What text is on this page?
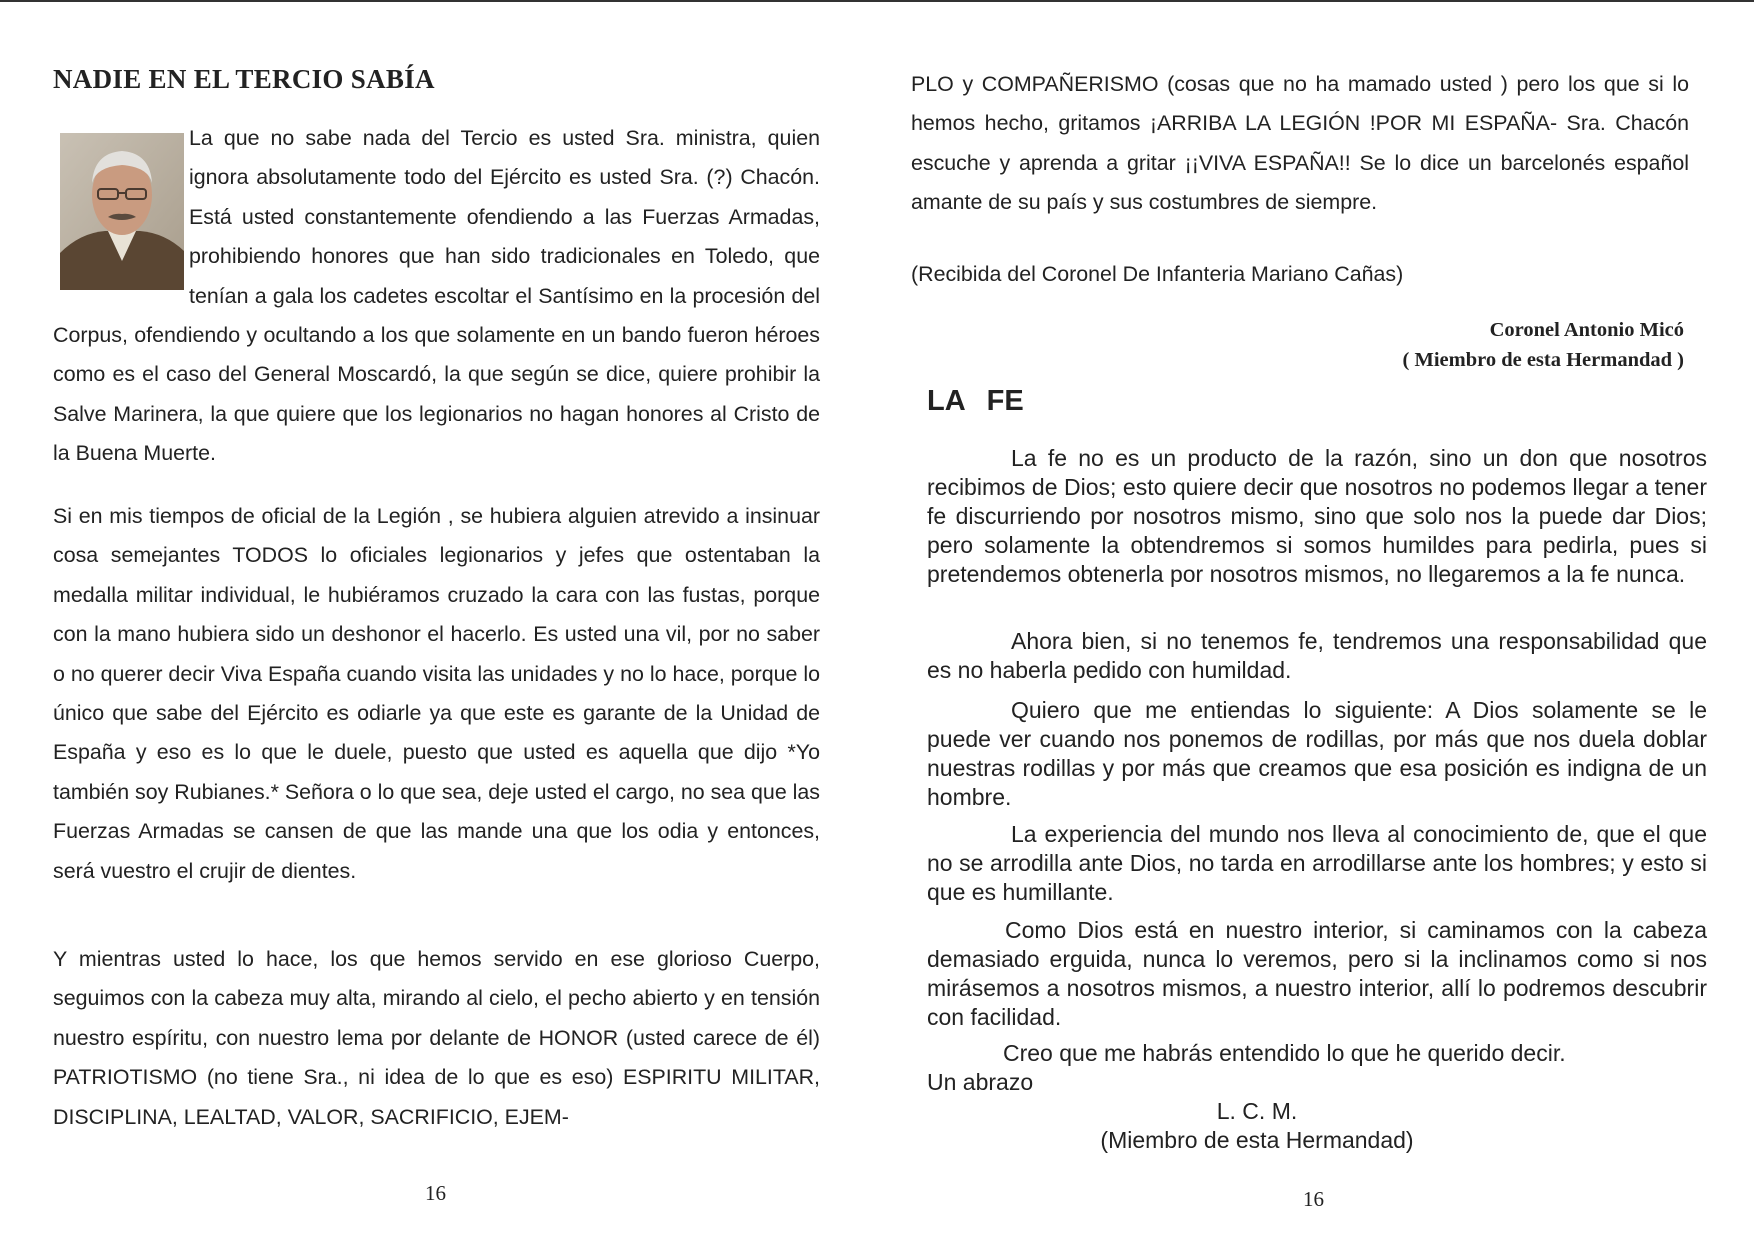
NADIE EN EL TERCIO SABÍA

La que no sabe nada del Tercio es usted Sra. ministra, quien ignora absolutamente todo del Ejército es usted Sra. (?) Chacón. Está usted constantemente ofendiendo a las Fuerzas Armadas, prohibiendo honores que han sido tradicionales en Toledo, que tenían a gala los cadetes escoltar el Santísimo en la procesión del Corpus, ofendiendo y ocultando a los que solamente en un bando fueron héroes como es el caso del General Moscardó, la que según se dice, quiere prohibir la Salve Marinera, la que quiere que los legionarios no hagan honores al Cristo de la Buena Muerte.

Si en mis tiempos de oficial de la Legión , se hubiera alguien atrevido a insinuar cosa semejantes TODOS lo oficiales legionarios y jefes que ostentaban la medalla militar individual, le hubiéramos cruzado la cara con las fustas, porque con la mano hubiera sido un deshonor el hacerlo. Es usted una vil, por no saber o no querer decir Viva España cuando visita las unidades y no lo hace, porque lo único que sabe del Ejército es odiarle ya que este es garante de la Unidad de España y eso es lo que le duele, puesto que usted es aquella que dijo *Yo también soy Rubianes.* Señora o lo que sea, deje usted el cargo, no sea que las Fuerzas Armadas se cansen de que las mande una que los odia y entonces, será vuestro el crujir de dientes.
Y mientras usted lo hace, los que hemos servido en ese glorioso Cuerpo, seguimos con la cabeza muy alta, mirando al cielo, el pecho abierto y en tensión nuestro espíritu, con nuestro lema por delante de HONOR (usted carece de él) PATRIOTISMO (no tiene Sra., ni idea de lo que es eso) ESPIRITU MILITAR, DISCIPLINA, LEALTAD, VALOR, SACRIFICIO, EJEM-
16
PLO y COMPAÑERISMO (cosas que no ha mamado usted ) pero los que si lo hemos hecho, gritamos ¡ARRIBA LA LEGIÓN !POR MI ESPAÑA- Sra. Chacón escuche y aprenda a gritar ¡¡VIVA ESPAÑA!! Se lo dice un barcelonés español amante de su país y sus costumbres de siempre.
(Recibida del Coronel De Infanteria Mariano Cañas)
Coronel Antonio Micó
( Miembro de esta Hermandad )
LA FE

La fe no es un producto de la razón, sino un don que nosotros recibimos de Dios; esto quiere decir que nosotros no podemos llegar a tener fe discurriendo por nosotros mismo, sino que solo nos la puede dar Dios; pero solamente la obtendremos si somos humildes para pedirla, pues si pretendemos obtenerla por nosotros mismos, no llegaremos a la fe nunca.

Ahora bien, si no tenemos fe, tendremos una responsabilidad que es no haberla pedido con humildad.

Quiero que me entiendas lo siguiente: A Dios solamente se le puede ver cuando nos ponemos de rodillas, por más que nos duela doblar nuestras rodillas y por más que creamos que esa posición es indigna de un hombre.

La experiencia del mundo nos lleva al conocimiento de, que el que no se arrodilla ante Dios, no tarda en arrodillarse ante los hombres; y esto si que es humillante.

Como Dios está en nuestro interior, si caminamos con la cabeza demasiado erguida, nunca lo veremos, pero si la inclinamos como si nos mirásemos a nosotros mismos, a nuestro interior, allí lo podremos descubrir con facilidad.

Creo que me habrás entendido lo que he querido decir.

Un abrazo
L. C. M.
(Miembro de esta Hermandad)
16
